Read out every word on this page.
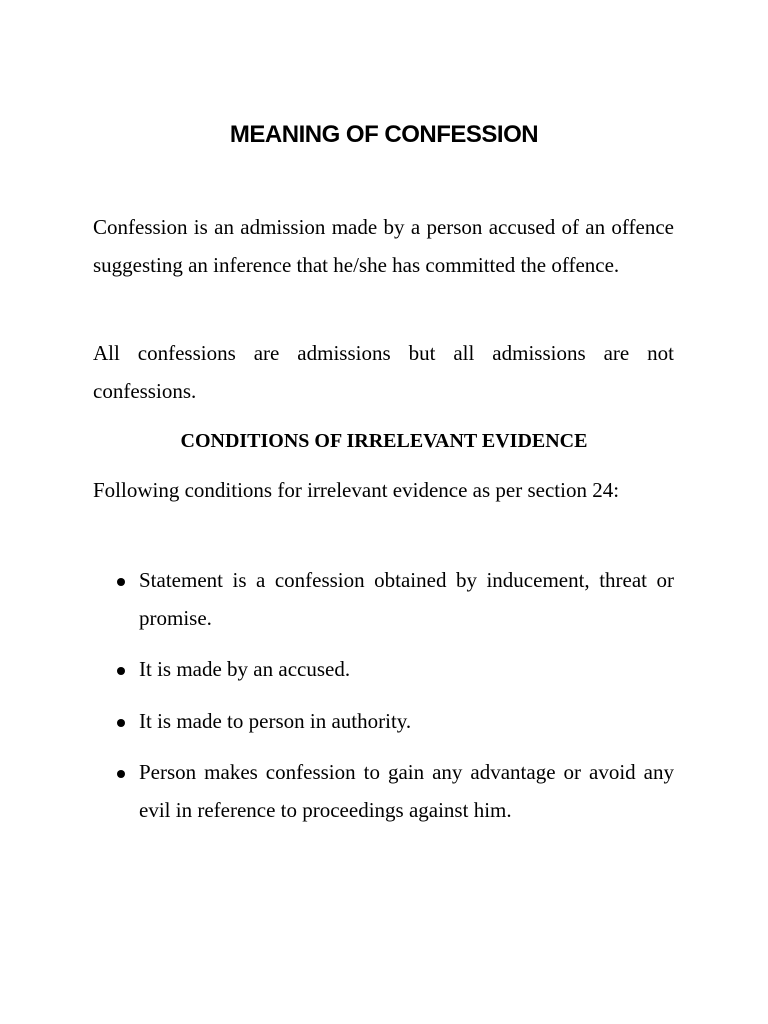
MEANING OF CONFESSION

Confession is an admission made by a person accused of an offence suggesting an inference that he/she has committed the offence.

All confessions are admissions but all admissions are not confessions.

CONDITIONS OF IRRELEVANT EVIDENCE

Following conditions for irrelevant evidence as per section 24:

Statement is a confession obtained by inducement, threat or promise.
It is made by an accused.
It is made to person in authority.
Person makes confession to gain any advantage or avoid any evil in reference to proceedings against him.
